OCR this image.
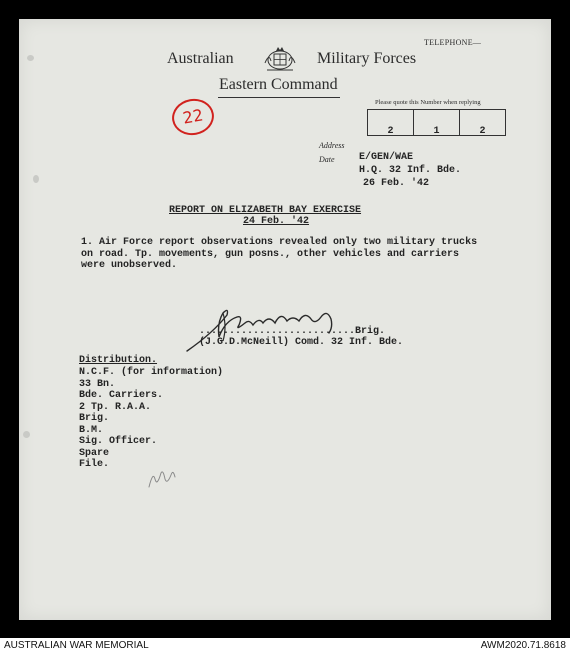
TELEPHONE—
Australian	Military Forces
Eastern Command
22
Please quote this Number when replying
2	1	2
Address
Date E/GEN/WAE
H.Q. 32 Inf. Bde.
26 Feb. '42
REPORT ON ELIZABETH BAY EXERCISE
24 Feb. '42
1. Air Force report observations revealed only two military trucks
on road. Tp. movements, gun posns., other vehicles and carriers
were unobserved.
..........................Brig.
(J.G.D.McNeill) Comd. 32 Inf. Bde.
Distribution.
N.C.F. (for information)
33 Bn.
Bde. Carriers.
2 Tp. R.A.A.
Brig.
B.M.
Sig. Officer.
Spare
File.
AUSTRALIAN WAR MEMORIAL	AWM2020.71.8618
